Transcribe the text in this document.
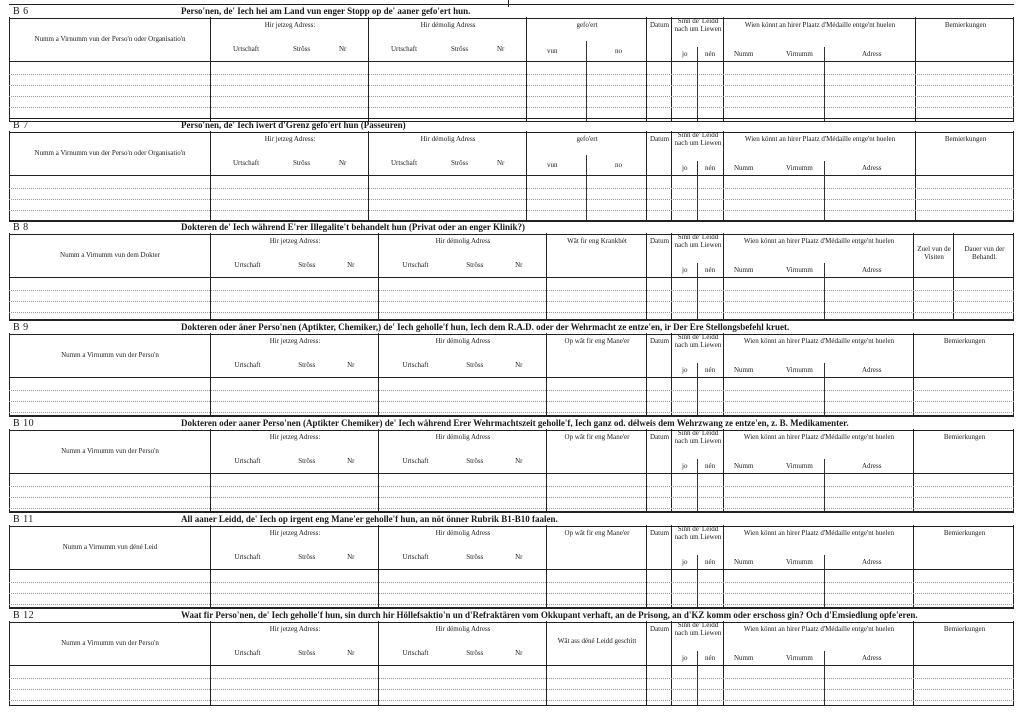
B 6	Perso'nen, de' Iech hei am Land vun enger Stopp op de' aaner gefo'ert hun.
Numm a Virnumm vun der Perso'n oder Organisatio'n
Hir jetzeg Adress:
Urtschaft	Strôss	Nr
Hir démolig Adress
Urtschaft	Strôss	Nr
gefo'ert
vun	no
Datum	Sinn de' Leidd nach um Liewen
jo	nén
Wien könnt an hirer Plaatz d'Médaille entge'nt huelen
Numm	Virnumm	Adress
Bemierkungen
B 7	Perso'nen, de' Iech iwert d'Grenz gefo'ert hun (Passeuren)
Numm a Virnumm vun der Perso'n oder Organisatio'n
Hir jetzeg Adress:
Urtschaft	Strôss	Nr
Hir démolig Adress
Urtschaft	Strôss	Nr
gefo'ert
vun	no
Datum	Sinn de' Leidd nach um Liewen
jo	nén
Wien könnt an hirer Plaatz d'Médaille entge'nt huelen
Numm	Virnumm	Adress
Bemierkungen
B 8	Dokteren de' Iech während E'rer Illegalite't behandelt hun (Privat oder an enger Klinik?)
Numm a Virnumm vun dem Dokter
Hir jetzeg Adress:
Urtschaft	Strôss	Nr
Hir démolig Adress
Urtschaft	Strôss	Nr
Wât fir eng Krankhét	Datum	Sinn de' Leidd nach um Liewen
jo	nén
Wien könnt an hirer Plaatz d'Médaille entge'nt huelen
Numm	Virnumm	Adress
Zuel vun de Visiten
Dauer vun der Behandl.
B 9	Dokteren oder äner Perso'nen (Aptikter, Chemiker,) de' Iech geholle'f hun, Iech dem R.A.D. oder der Wehrmacht ze entze'en, ir Der Ere Stellongsbefehl kruet.
Numm a Virnumm vun der Perso'n
Hir jetzeg Adress:
Urtschaft	Strôss	Nr
Hir démolig Adress
Urtschaft	Strôss	Nr
Op wât fir eng Mane'er	Datum	Sinn de' Leidd nach um Liewen
jo	nén
Wien könnt an hirer Plaatz d'Médaille entge'nt huelen
Numm	Virnumm	Adress
Bemierkungen
B 10	Dokteren oder aaner Perso'nen (Aptikter Chemiker) de' Iech während Erer Wehrmachtszeit geholle'f, Iech ganz od. délweis dem Wehrzwang ze entze'en, z. B. Medikamenter.
Numm a Virnumm vun der Perso'n
Hir jetzeg Adress:
Urtschaft	Strôss	Nr
Hir démolig Adress
Urtschaft	Strôss	Nr
Op wât fir eng Mane'er	Datum	Sinn de' Leidd nach um Liewen
jo	nén
Wien könnt an hirer Plaatz d'Médaille entge'nt huelen
Numm	Virnumm	Adress
Bemierkungen
B 11	All aaner Leidd, de' Iech op irgent eng Mane'er geholle'f hun, an nöt önner Rubrik B1-B10 faalen.
Numm a Virnumm vun déné Leid
Hir jetzeg Adress:
Urtschaft	Strôss	Nr
Hir démolig Adress
Urtschaft	Strôss	Nr
Op wât fir eng Mane'er	Datum	Sinn de' Leidd nach um Liewen
jo	nén
Wien könnt an hirer Plaatz d'Médaille entge'nt huelen
Numm	Virnumm	Adress
Bemierkungen
B 12	Waat fir Perso'nen, de' Iech geholle'f hun, sin durch hir Höllefsaktio'n un d'Refraktären vom Okkupant verhaft, an de Prisong, an d'KZ komm oder erschoss gin? Och d'Emsiedlung opfe'eren.
Numm a Virnumm vun der Perso'n
Hir jetzeg Adress:
Urtschaft	Strôss	Nr
Hir démolig Adress
Urtschaft	Strôss	Nr
Wât ass déné Leidd geschitt
Datum	Sinn de' Leidd nach um Liewen
jo	nén
Wien könnt an hirer Plaatz d'Médaille entge'nt huelen
Numm	Virnumm	Adress
Bemierkungen
